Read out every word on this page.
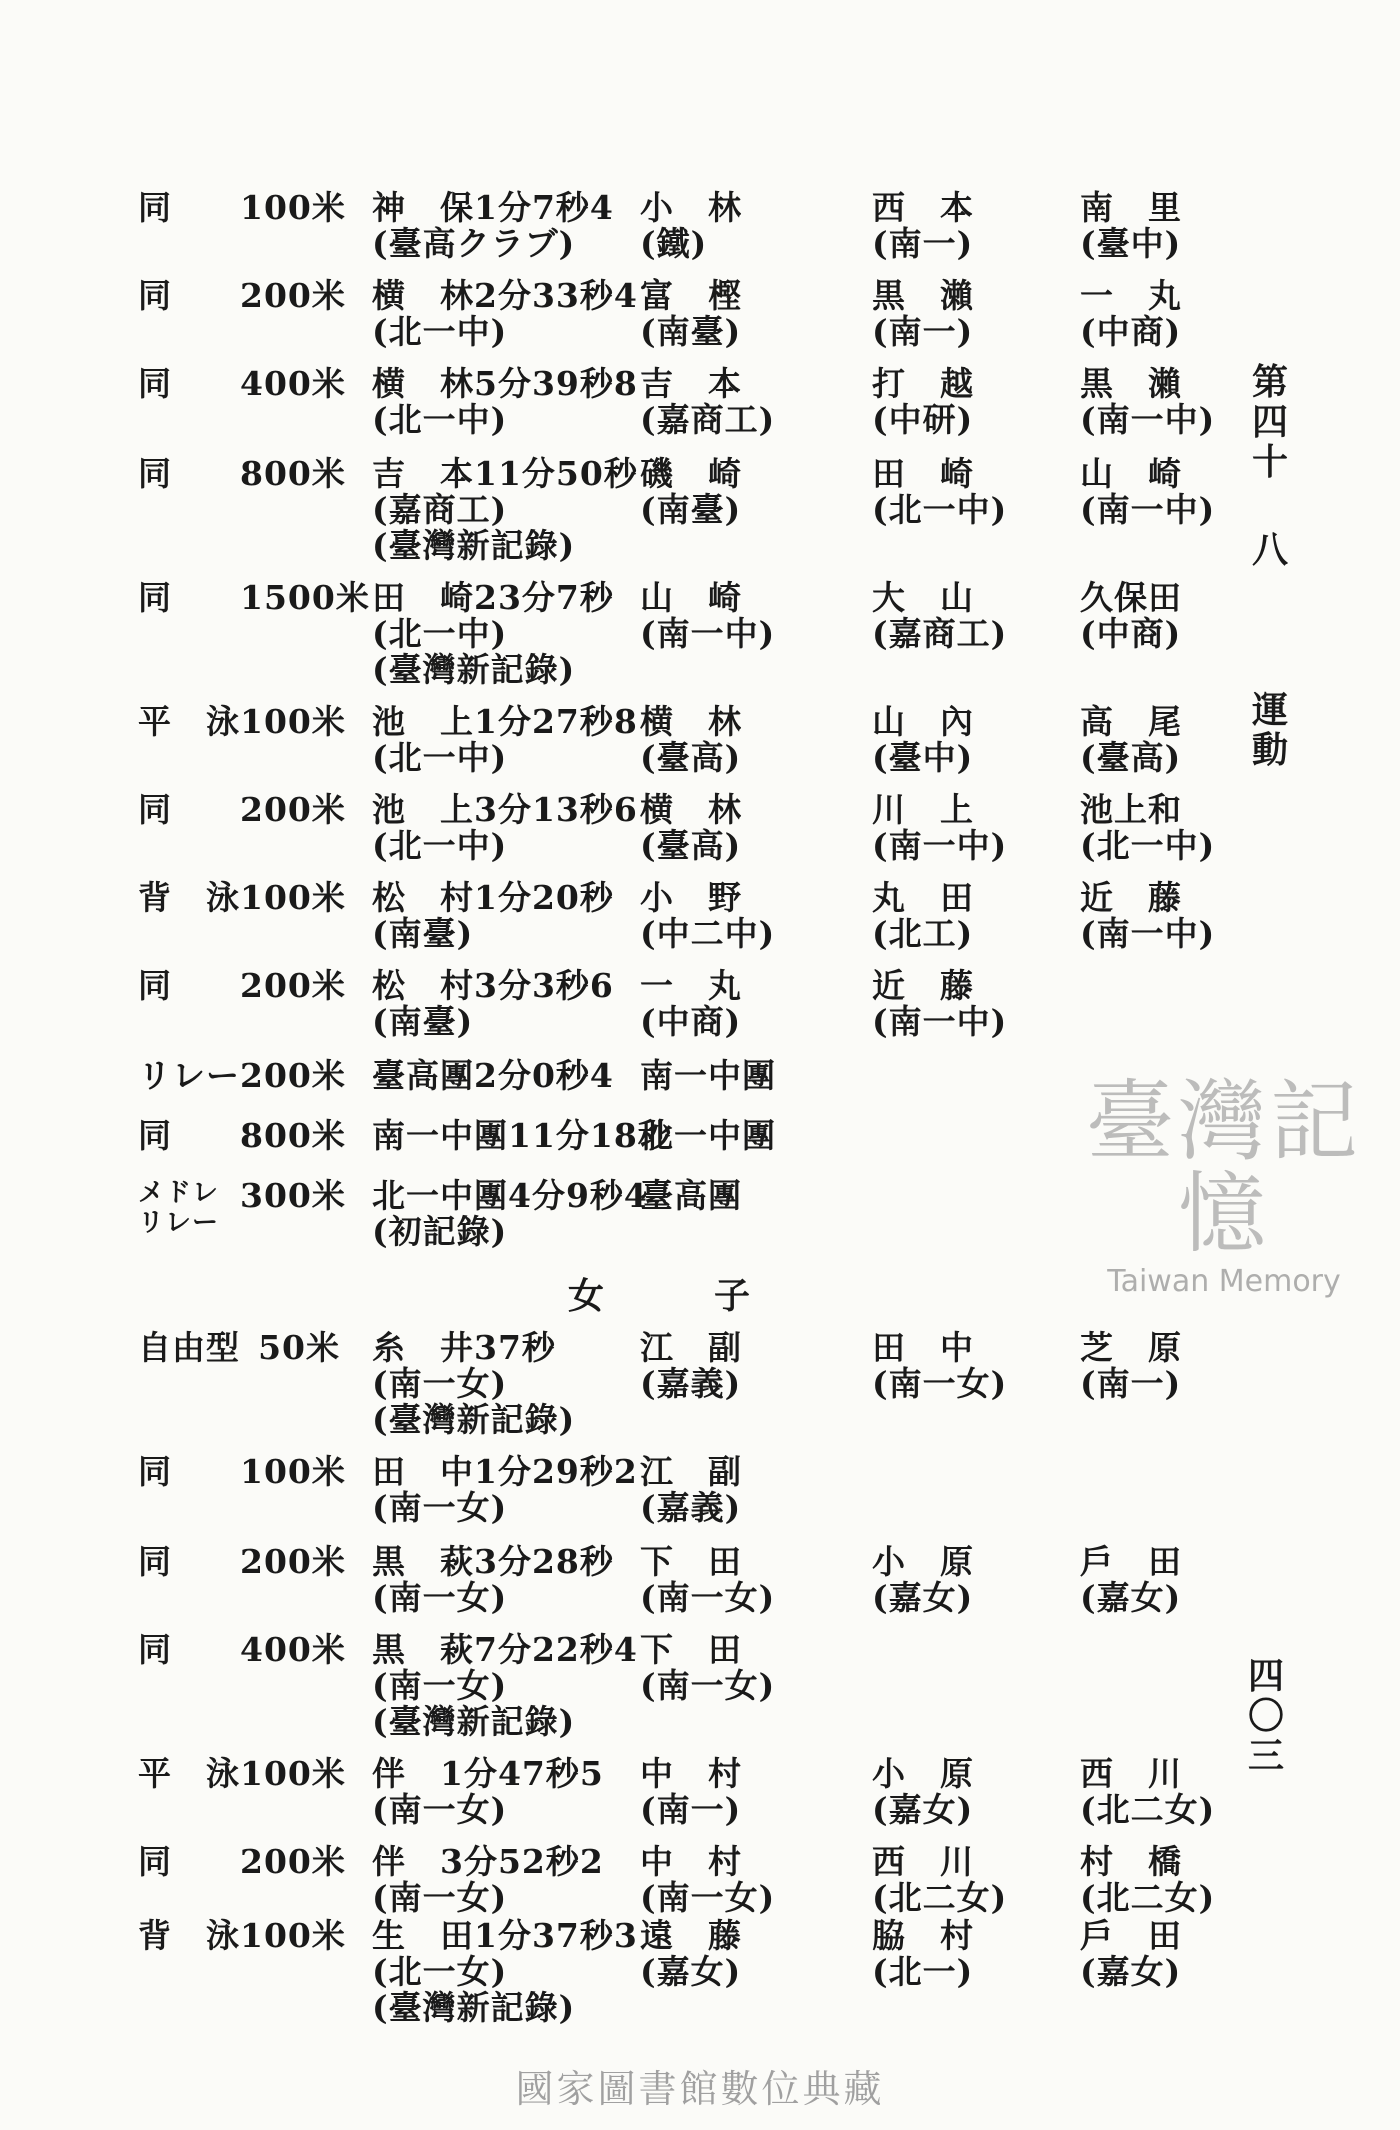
同 100米 神　保1分7秒4
(臺高クラブ)
小　林
(鐵)
西　本
(南一)
南　里
(臺中)
同 200米 横　林2分33秒4
(北一中)
富　樫
(南臺)
黒　瀨
(南一)
一　丸
(中商)
同 400米 横　林5分39秒8
(北一中)
吉　本
(嘉商工)
打　越
(中研)
黒　瀨
(南一中)
同 800米 吉　本11分50秒
(嘉商工)
(臺灣新記錄)
磯　崎
(南臺)
田　崎
(北一中)
山　崎
(南一中)
同 1500米 田　崎23分7秒
(北一中)
(臺灣新記錄)
山　崎
(南一中)
大　山
(嘉商工)
久保田
(中商)
平　泳 100米 池　上1分27秒8
(北一中)
横　林
(臺高)
山　內
(臺中)
高　尾
(臺高)
同 200米 池　上3分13秒6
(北一中)
横　林
(臺高)
川　上
(南一中)
池上和
(北一中)
背　泳 100米 松　村1分20秒
(南臺)
小　野
(中二中)
丸　田
(北工)
近　藤
(南一中)
同 200米 松　村3分3秒6
(南臺)
一　丸
(中商)
近　藤
(南一中)
リレー 200米 臺高團2分0秒4 南一中團
同 800米 南一中團11分18秒
北一中團
メドレ
リレー
300米 北一中團4分9秒4
(初記錄)
臺高團
自由型 50米 糸　井37秒
(南一女)
(臺灣新記錄)
江　副
(嘉義)
田　中
(南一女)
芝　原
(南一)
同 100米 田　中1分29秒2
(南一女)
江　副
(嘉義)
同 200米 黒　萩3分28秒
(南一女)
下　田
(南一女)
小　原
(嘉女)
戶　田
(嘉女)
同 400米 黒　萩7分22秒4
(南一女)
(臺灣新記錄)
下　田
(南一女)
平　泳 100米 伴　1分47秒5
(南一女)
中　村
(南一)
小　原
(嘉女)
西　川
(北二女)
同 200米 伴　3分52秒2
(南一女)
中　村
(南一女)
西　川
(北二女)
村　橋
(北二女)
背　泳 100米 生　田1分37秒3
(北一女)
(臺灣新記錄)
遠　藤
(嘉女)
脇　村
(北一)
戶　田
(嘉女)
女子
第
四
十
八
運
動
四
〇
三
臺灣記憶
Taiwan Memory
國家圖書館數位典藏
